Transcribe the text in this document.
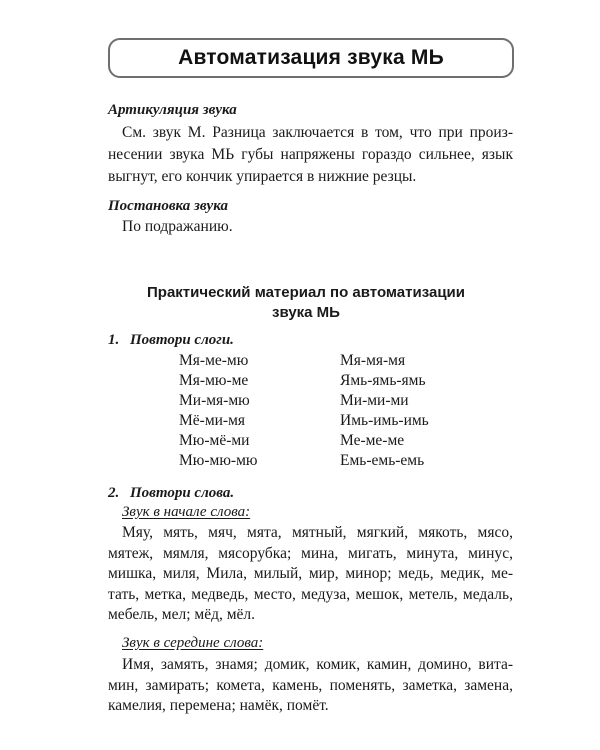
Автоматизация звука МЬ
Артикуляция звука
См. звук М. Разница заключается в том, что при произ-
несении звука МЬ губы напряжены гораздо сильнее, язык
выгнут, его кончик упирается в нижние резцы.
Постановка звука
По подражанию.
Практический материал по автоматизации
звука МЬ
1. Повтори слоги.
Мя-ме-мю
Мя-мю-ме
Ми-мя-мю
Мё-ми-мя
Мю-мё-ми
Мю-мю-мю
Мя-мя-мя
Ямь-ямь-ямь
Ми-ми-ми
Имь-имь-имь
Ме-ме-ме
Емь-емь-емь
2. Повтори слова.
Звук в начале слова:
Мяу, мять, мяч, мята, мятный, мягкий, мякоть, мясо,
мятеж, мямля, мясорубка; мина, мигать, минута, минус,
мишка, миля, Мила, милый, мир, минор; медь, медик, ме-
тать, метка, медведь, место, медуза, мешок, метель, медаль,
мебель, мел; мёд, мёл.
Звук в середине слова:
Имя, замять, знамя; домик, комик, камин, домино, вита-
мин, замирать; комета, камень, поменять, заметка, замена,
камелия, перемена; намёк, помёт.
